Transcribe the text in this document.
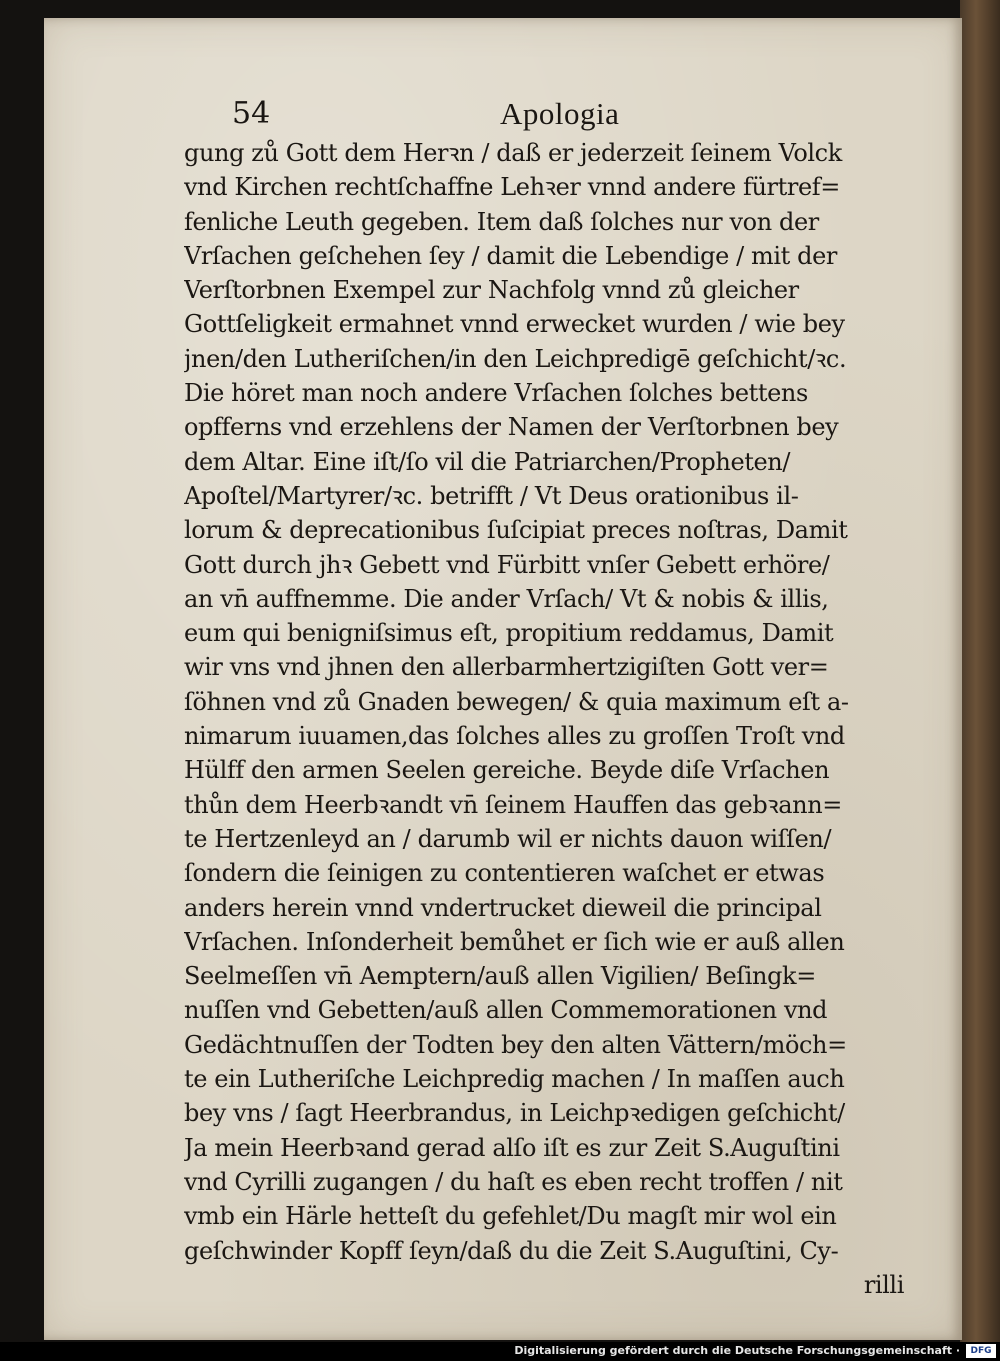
54	Apologia
gung zů Gott dem Herꝛn / daß er jederzeit ſeinem Volck
vnd Kirchen rechtſchaffne Lehꝛer vnnd andere fürtref=
fenliche Leuth gegeben. Item daß ſolches nur von der
Vrſachen geſchehen ſey / damit die Lebendige / mit der
Verſtorbnen Exempel zur Nachfolg vnnd zů gleicher
Gottſeligkeit ermahnet vnnd erwecket wurden / wie bey
jnen/den Lutheriſchen/in den Leichpredigē geſchicht/ꝛc.
Die höret man noch andere Vrſachen ſolches bettens
opfferns vnd erzehlens der Namen der Verſtorbnen bey
dem Altar. Eine iſt/ſo vil die Patriarchen/Propheten/
Apoſtel/Martyrer/ꝛc. betrifft / Vt Deus orationibus il-
lorum & deprecationibus ſuſcipiat preces noſtras, Damit
Gott durch jhꝛ Gebett vnd Fürbitt vnſer Gebett erhöre/
an vn̄ auffnemme. Die ander Vrſach/ Vt & nobis & illis,
eum qui benigniſsimus eſt, propitium reddamus, Damit
wir vns vnd jhnen den allerbarmhertzigiſten Gott ver=
ſöhnen vnd zů Gnaden bewegen/ & quia maximum eſt a-
nimarum iuuamen,das ſolches alles zu groſſen Troſt vnd
Hülff den armen Seelen gereiche. Beyde diſe Vrſachen
thůn dem Heerbꝛandt vn̄ ſeinem Hauffen das gebꝛann=
te Hertzenleyd an / darumb wil er nichts dauon wiſſen/
ſondern die ſeinigen zu contentieren waſchet er etwas
anders herein vnnd vndertrucket dieweil die principal
Vrſachen. Inſonderheit bemůhet er ſich wie er auß allen
Seelmeſſen vn̄ Aemptern/auß allen Vigilien/ Beſingk=
nuſſen vnd Gebetten/auß allen Commemorationen vnd
Gedächtnuſſen der Todten bey den alten Vättern/möch=
te ein Lutheriſche Leichpredig machen / In maſſen auch
bey vns / ſagt Heerbrandus, in Leichpꝛedigen geſchicht/
Ja mein Heerbꝛand gerad alſo iſt es zur Zeit S.Auguſtini
vnd Cyrilli zugangen / du haſt es eben recht troffen / nit
vmb ein Härle hetteſt du gefehlet/Du magſt mir wol ein
geſchwinder Kopff ſeyn/daß du die Zeit S.Auguſtini, Cy-
rilli
Digitalisierung gefördert durch die Deutsche Forschungsgemeinschaft ·	DFG
